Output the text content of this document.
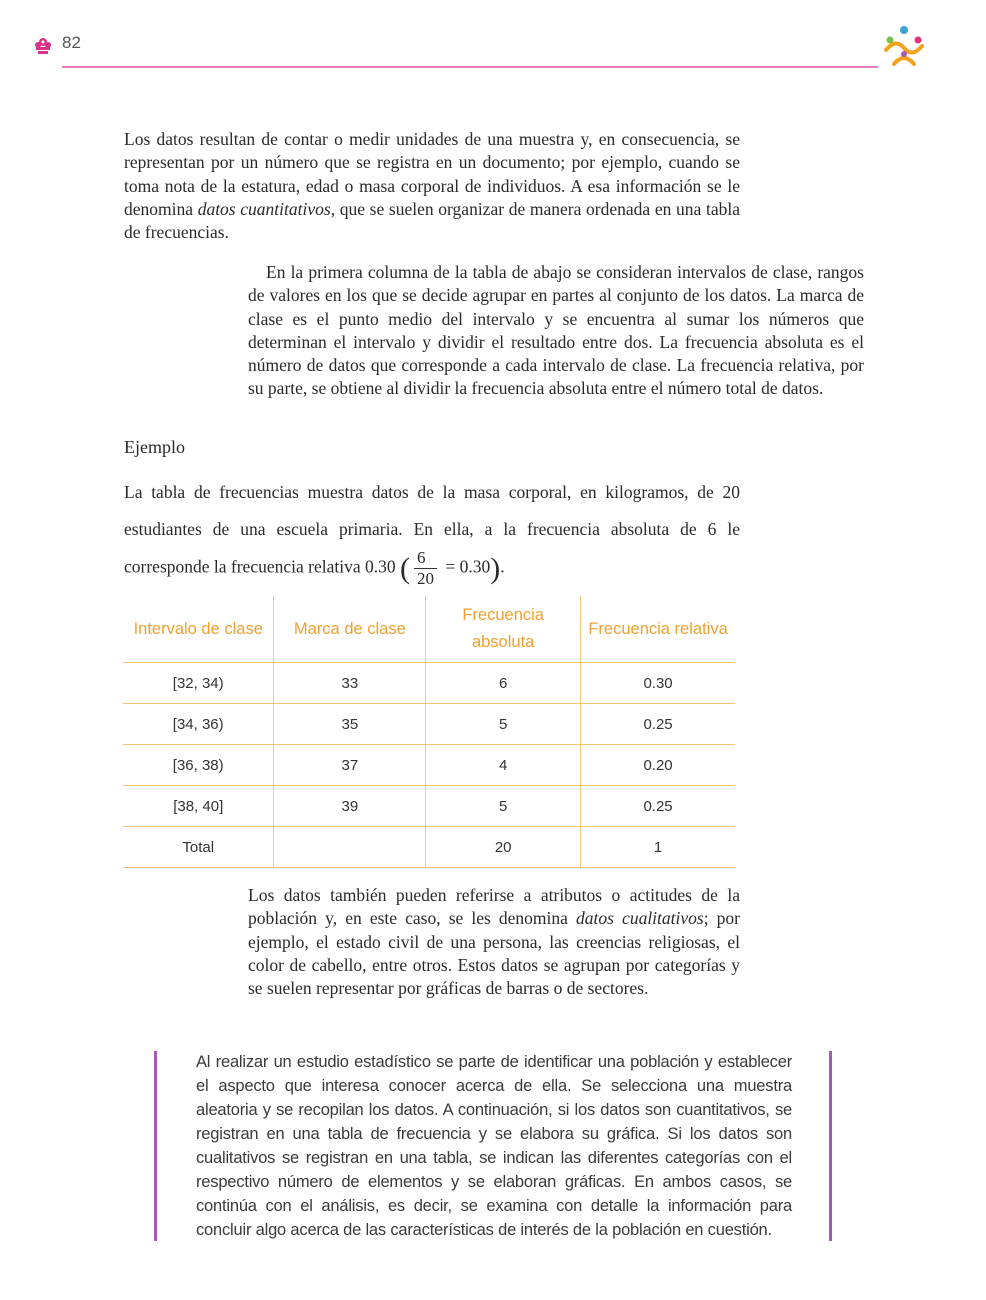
82
Los datos resultan de contar o medir unidades de una muestra y, en consecuencia, se representan por un número que se registra en un documento; por ejemplo, cuando se toma nota de la estatura, edad o masa corporal de individuos. A esa información se le denomina datos cuantitativos, que se suelen organizar de manera ordenada en una tabla de frecuencias.
En la primera columna de la tabla de abajo se consideran intervalos de clase, rangos de valores en los que se decide agrupar en partes al conjunto de los datos. La marca de clase es el punto medio del intervalo y se encuentra al sumar los números que determinan el intervalo y dividir el resultado entre dos. La frecuencia absoluta es el número de datos que corresponde a cada intervalo de clase. La frecuencia relativa, por su parte, se obtiene al dividir la frecuencia absoluta entre el número total de datos.
Ejemplo
La tabla de frecuencias muestra datos de la masa corporal, en kilogramos, de 20 estudiantes de una escuela primaria. En ella, a la frecuencia absoluta de 6 le corresponde la frecuencia relativa 0.30 ( $\frac{6}{20} = 0.30$).
Intervalo de clase	Marca de clase	Frecuencia absoluta	Frecuencia relativa
[32, 34)	33	6	0.30
[34, 36)	35	5	0.25
[36, 38)	37	4	0.20
[38, 40]	39	5	0.25
Total		20	1
Los datos también pueden referirse a atributos o actitudes de la población y, en este caso, se les denomina datos cualitativos; por ejemplo, el estado civil de una persona, las creencias religiosas, el color de cabello, entre otros. Estos datos se agrupan por categorías y se suelen representar por gráficas de barras o de sectores.
Al realizar un estudio estadístico se parte de identificar una población y establecer el aspecto que interesa conocer acerca de ella. Se selecciona una muestra aleatoria y se recopilan los datos. A continuación, si los datos son cuantitativos, se registran en una tabla de frecuencia y se elabora su gráfica. Si los datos son cualitativos se registran en una tabla, se indican las diferentes categorías con el respectivo número de elementos y se elaboran gráficas. En ambos casos, se continúa con el análisis, es decir, se examina con detalle la información para concluir algo acerca de las características de interés de la población en cuestión.
